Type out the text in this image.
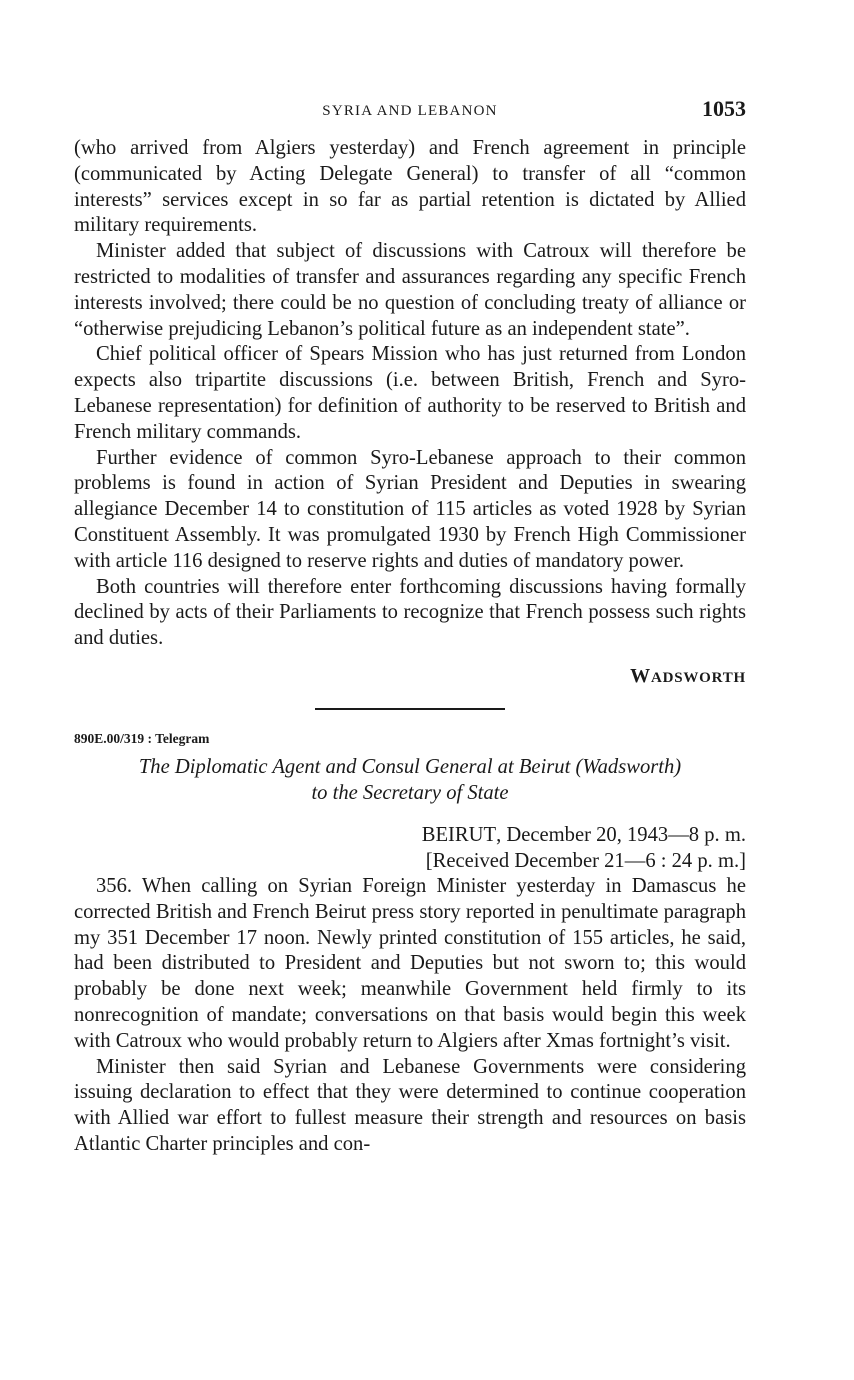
SYRIA AND LEBANON	1053

(who arrived from Algiers yesterday) and French agreement in principle (communicated by Acting Delegate General) to transfer of all “common interests” services except in so far as partial retention is dictated by Allied military requirements.

Minister added that subject of discussions with Catroux will therefore be restricted to modalities of transfer and assurances regarding any specific French interests involved; there could be no question of concluding treaty of alliance or “otherwise prejudicing Lebanon’s political future as an independent state”.

Chief political officer of Spears Mission who has just returned from London expects also tripartite discussions (i.e. between British, French and Syro-Lebanese representation) for definition of authority to be reserved to British and French military commands.

Further evidence of common Syro-Lebanese approach to their common problems is found in action of Syrian President and Deputies in swearing allegiance December 14 to constitution of 115 articles as voted 1928 by Syrian Constituent Assembly. It was promulgated 1930 by French High Commissioner with article 116 designed to reserve rights and duties of mandatory power.

Both countries will therefore enter forthcoming discussions having formally declined by acts of their Parliaments to recognize that French possess such rights and duties.

WADSWORTH
890E.00/319 : Telegram
The Diplomatic Agent and Consul General at Beirut (Wadsworth)
to the Secretary of State
BEIRUT, December 20, 1943—8 p. m.
[Received December 21—6 : 24 p. m.]

356. When calling on Syrian Foreign Minister yesterday in Damascus he corrected British and French Beirut press story reported in penultimate paragraph my 351 December 17 noon. Newly printed constitution of 155 articles, he said, had been distributed to President and Deputies but not sworn to; this would probably be done next week; meanwhile Government held firmly to its nonrecognition of mandate; conversations on that basis would begin this week with Catroux who would probably return to Algiers after Xmas fortnight’s visit.

Minister then said Syrian and Lebanese Governments were considering issuing declaration to effect that they were determined to continue cooperation with Allied war effort to fullest measure their strength and resources on basis Atlantic Charter principles and con-
